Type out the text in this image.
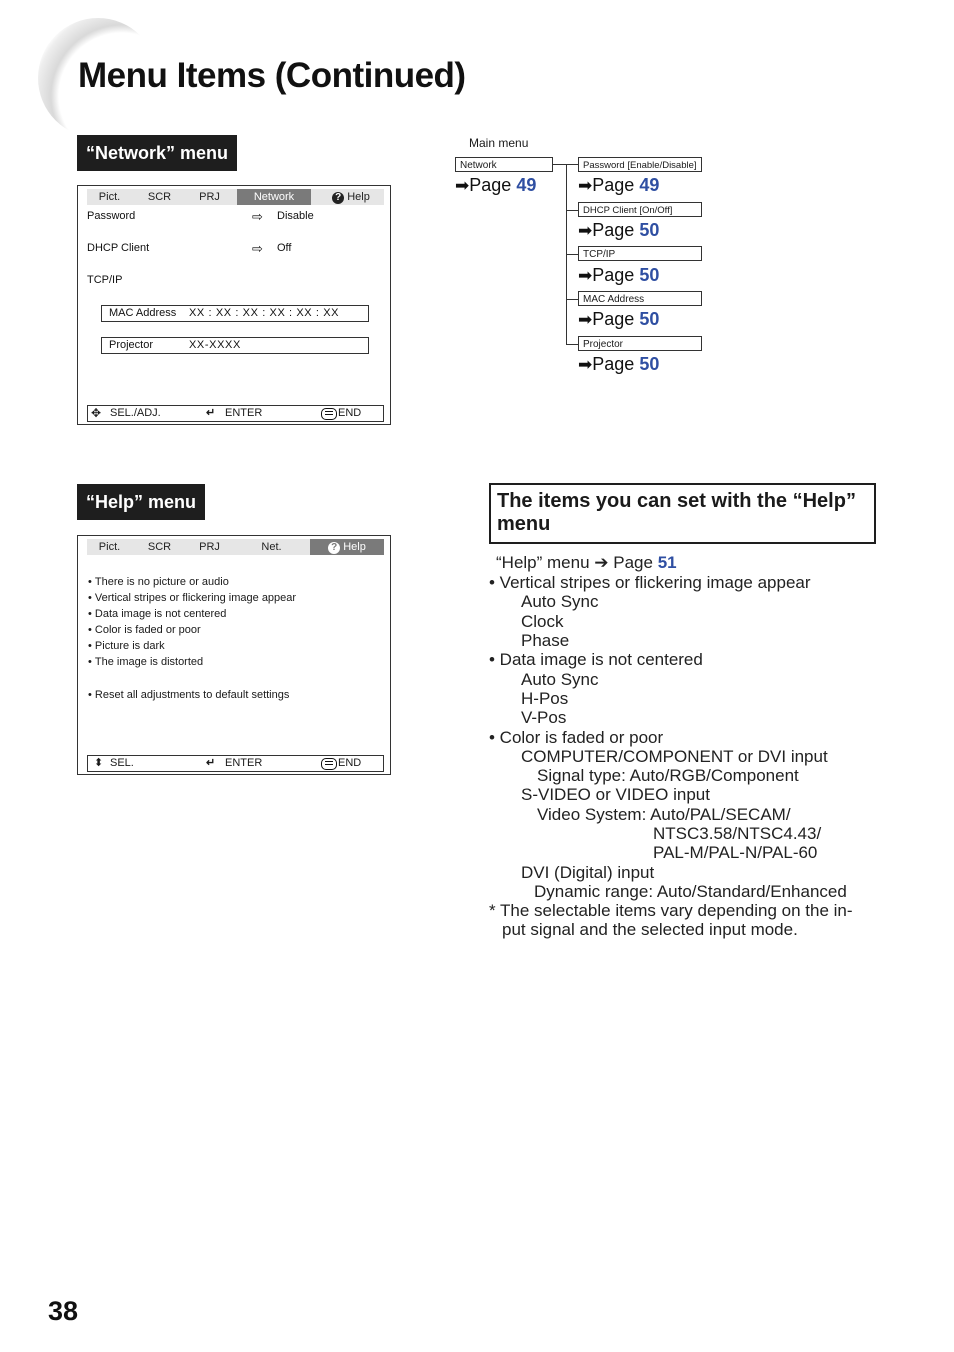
Menu Items (Continued)
“Network” menu
Pict.	SCR	PRJ	Network	? Help
Password	⇨ Disable
DHCP Client	⇨ Off
TCP/IP
MAC Address XX : XX : XX : XX : XX : XX
Projector	XX-XXXX
✥ SEL./ADJ.	↵ ENTER	END
Main menu
Network
➡Page 49
Password [Enable/Disable]
➡Page 49
DHCP Client [On/Off]
➡Page 50
TCP/IP
➡Page 50
MAC Address
➡Page 50
Projector
➡Page 50
“Help” menu
Pict.	SCR	PRJ	Net.	? Help
• There is no picture or audio
• Vertical stripes or flickering image appear
• Data image is not centered
• Color is faded or poor
• Picture is dark
• The image is distorted
• Reset all adjustments to default settings
⬍ SEL.	↵ ENTER	END
The items you can set with the “Help” menu
“Help” menu ➔ Page 51
• Vertical stripes or flickering image appear
Auto Sync
Clock
Phase
• Data image is not centered
Auto Sync
H-Pos
V-Pos
• Color is faded or poor
COMPUTER/COMPONENT or DVI input
Signal type: Auto/RGB/Component
S-VIDEO or VIDEO input
Video System: Auto/PAL/SECAM/
NTSC3.58/NTSC4.43/
PAL-M/PAL-N/PAL-60
DVI (Digital) input
Dynamic range: Auto/Standard/Enhanced
* The selectable items vary depending on the in-
put signal and the selected input mode.
38
